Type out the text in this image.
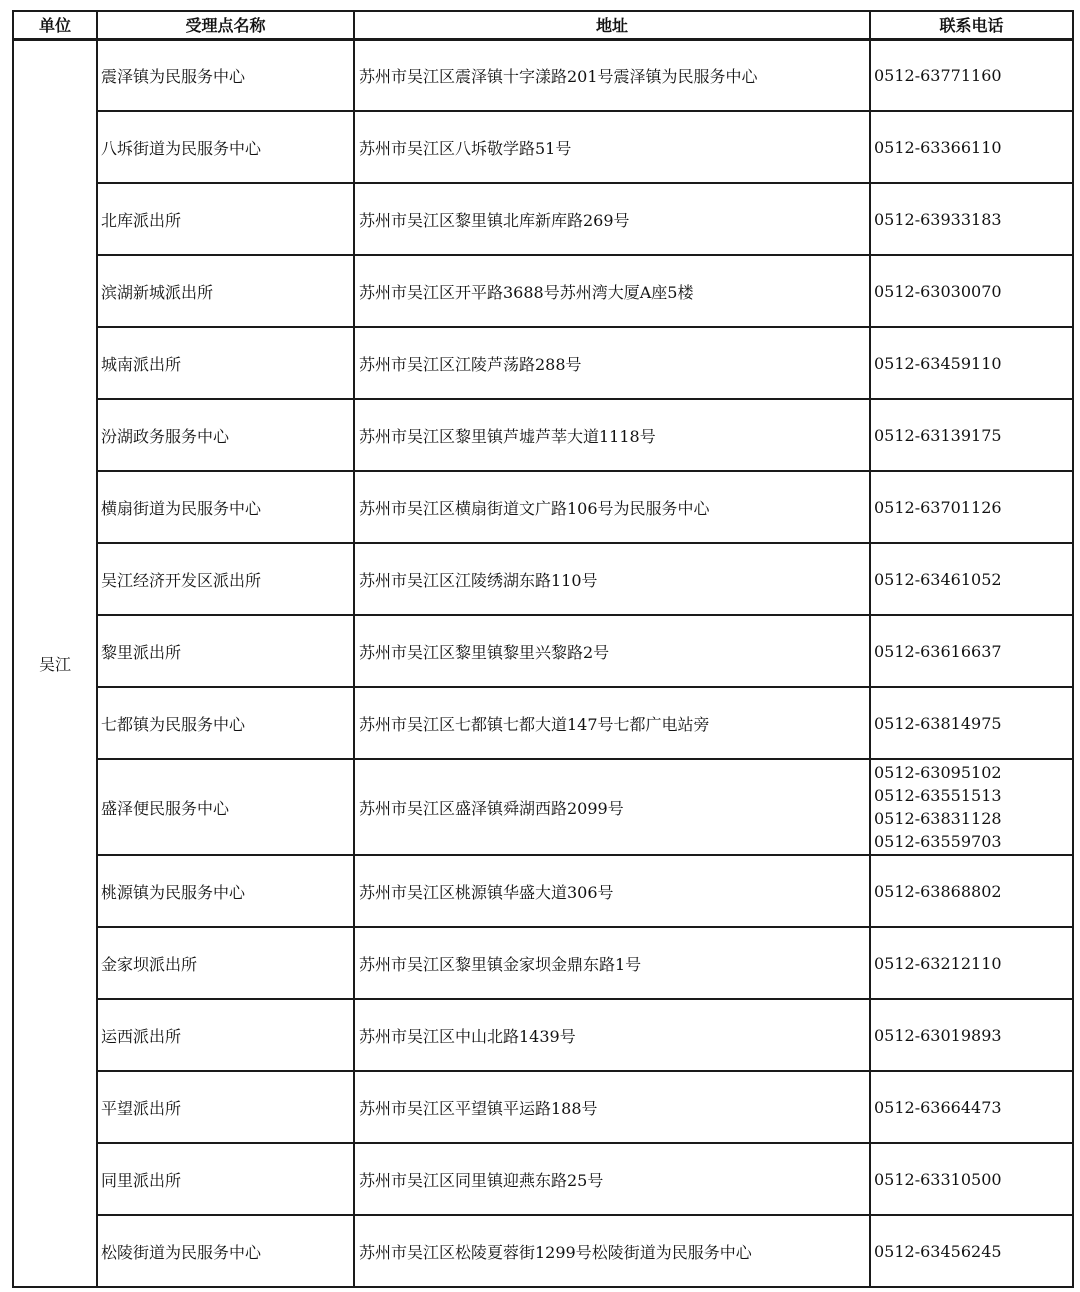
单位	受理点名称	地址	联系电话
吴江	震泽镇为民服务中心	苏州市吴江区震泽镇十字漾路201号震泽镇为民服务中心	0512-63771160

	八坼街道为民服务中心	苏州市吴江区八坼敬学路51号	0512-63366110

	北库派出所	苏州市吴江区黎里镇北库新库路269号	0512-63933183

	滨湖新城派出所	苏州市吴江区开平路3688号苏州湾大厦A座5楼	0512-63030070

	城南派出所	苏州市吴江区江陵芦荡路288号	0512-63459110

	汾湖政务服务中心	苏州市吴江区黎里镇芦墟芦莘大道1118号	0512-63139175

	横扇街道为民服务中心	苏州市吴江区横扇街道文广路106号为民服务中心	0512-63701126

	吴江经济开发区派出所	苏州市吴江区江陵绣湖东路110号	0512-63461052

	黎里派出所	苏州市吴江区黎里镇黎里兴黎路2号	0512-63616637

	七都镇为民服务中心	苏州市吴江区七都镇七都大道147号七都广电站旁	0512-63814975

	盛泽便民服务中心	苏州市吴江区盛泽镇舜湖西路2099号	0512-63095102
0512-63551513
0512-63831128
0512-63559703

	桃源镇为民服务中心	苏州市吴江区桃源镇华盛大道306号	0512-63868802

	金家坝派出所	苏州市吴江区黎里镇金家坝金鼎东路1号	0512-63212110

	运西派出所	苏州市吴江区中山北路1439号	0512-63019893

	平望派出所	苏州市吴江区平望镇平运路188号	0512-63664473

	同里派出所	苏州市吴江区同里镇迎燕东路25号	0512-63310500

	松陵街道为民服务中心	苏州市吴江区松陵夏蓉街1299号松陵街道为民服务中心	0512-63456245
